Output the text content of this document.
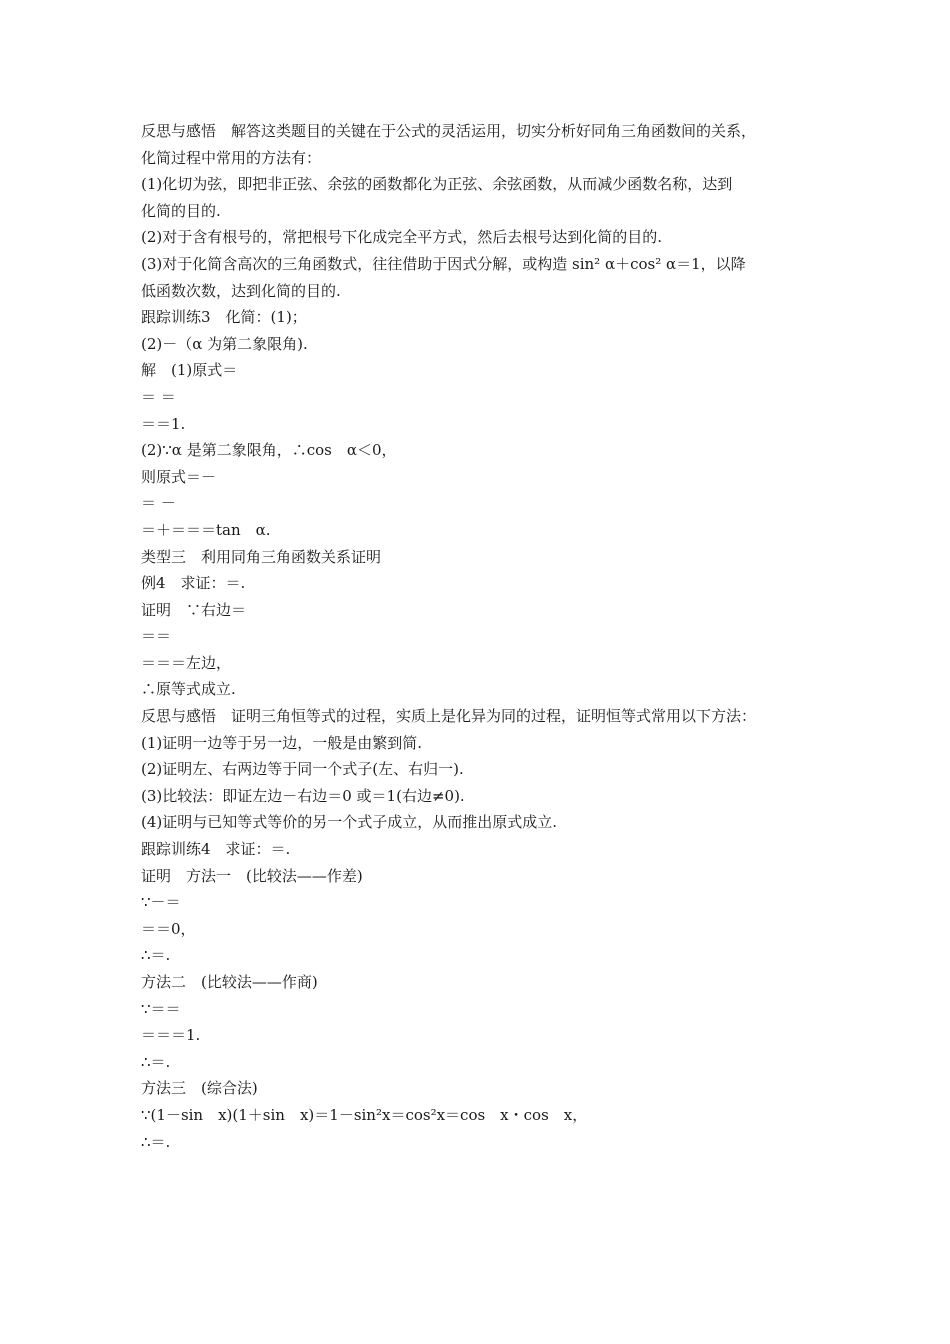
反思与感悟　解答这类题目的关键在于公式的灵活运用，切实分析好同角三角函数间的关系，
化简过程中常用的方法有：
(1)化切为弦，即把非正弦、余弦的函数都化为正弦、余弦函数，从而减少函数名称，达到
化简的目的.
(2)对于含有根号的，常把根号下化成完全平方式，然后去根号达到化简的目的.
(3)对于化简含高次的三角函数式，往往借助于因式分解，或构造 sin² α＋cos² α＝1，以降
低函数次数，达到化简的目的.
跟踪训练3　化简：(1)；
(2)－（α 为第二象限角).
解　(1)原式＝
＝ ＝
＝＝1.
(2)∵α 是第二象限角，∴cos　α＜0，
则原式＝－
＝ －
＝＋＝＝＝tan　α.
类型三　利用同角三角函数关系证明
例4　求证：＝.
证明　∵右边＝
＝＝
＝＝＝左边，
∴原等式成立.
反思与感悟　证明三角恒等式的过程，实质上是化异为同的过程，证明恒等式常用以下方法：
(1)证明一边等于另一边，一般是由繁到简.
(2)证明左、右两边等于同一个式子(左、右归一).
(3)比较法：即证左边－右边＝0 或＝1(右边≠0).
(4)证明与已知等式等价的另一个式子成立，从而推出原式成立.
跟踪训练4　求证：＝.
证明　方法一　(比较法——作差)
∵－＝
＝＝0，
∴＝.
方法二　(比较法——作商)
∵＝＝
＝＝＝1.
∴＝.
方法三　(综合法)
∵(1－sin　x)(1＋sin　x)＝1－sin²x＝cos²x＝cos　x・cos　x，
∴＝.
